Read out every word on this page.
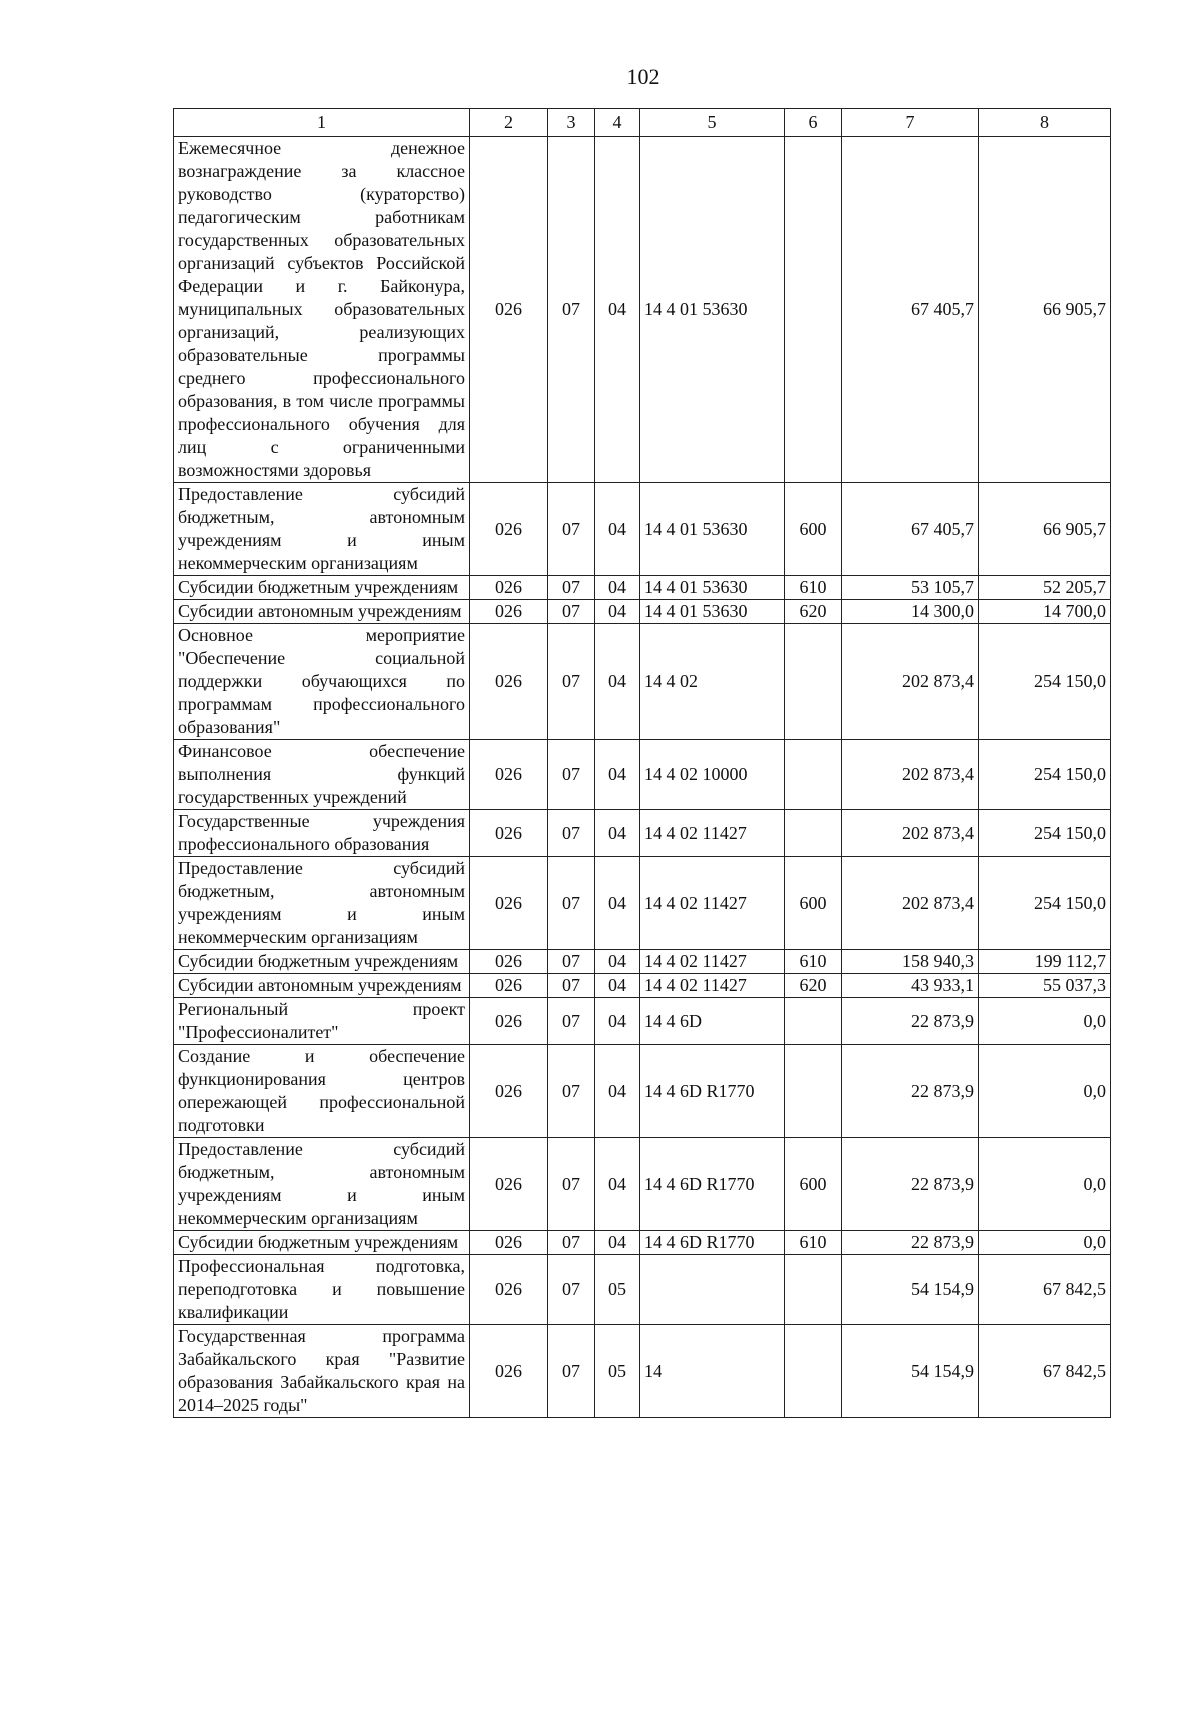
102
1	2	3	4	5	6	7	8
Ежемесячное денежное вознаграждение за классное руководство (кураторство) педагогическим работникам государственных образовательных организаций субъектов Российской Федерации и г. Байконура, муниципальных образовательных организаций, реализующих образовательные программы среднего профессионального образования, в том числе программы профессионального обучения для лиц с ограниченными возможностями здоровья	026	07	04	14 4 01 53630		67 405,7	66 905,7
Предоставление субсидий бюджетным, автономным учреждениям и иным некоммерческим организациям	026	07	04	14 4 01 53630	600	67 405,7	66 905,7
Субсидии бюджетным учреждениям	026	07	04	14 4 01 53630	610	53 105,7	52 205,7
Субсидии автономным учреждениям	026	07	04	14 4 01 53630	620	14 300,0	14 700,0
Основное мероприятие "Обеспечение социальной поддержки обучающихся по программам профессионального образования"	026	07	04	14 4 02		202 873,4	254 150,0
Финансовое обеспечение выполнения функций государственных учреждений	026	07	04	14 4 02 10000		202 873,4	254 150,0
Государственные учреждения профессионального образования	026	07	04	14 4 02 11427		202 873,4	254 150,0
Предоставление субсидий бюджетным, автономным учреждениям и иным некоммерческим организациям	026	07	04	14 4 02 11427	600	202 873,4	254 150,0
Субсидии бюджетным учреждениям	026	07	04	14 4 02 11427	610	158 940,3	199 112,7
Субсидии автономным учреждениям	026	07	04	14 4 02 11427	620	43 933,1	55 037,3
Региональный проект "Профессионалитет"	026	07	04	14 4 6D		22 873,9	0,0
Создание и обеспечение функционирования центров опережающей профессиональной подготовки	026	07	04	14 4 6D R1770		22 873,9	0,0
Предоставление субсидий бюджетным, автономным учреждениям и иным некоммерческим организациям	026	07	04	14 4 6D R1770	600	22 873,9	0,0
Субсидии бюджетным учреждениям	026	07	04	14 4 6D R1770	610	22 873,9	0,0
Профессиональная подготовка, переподготовка и повышение квалификации	026	07	05			54 154,9	67 842,5
Государственная программа Забайкальского края "Развитие образования Забайкальского края на 2014–2025 годы"	026	07	05	14		54 154,9	67 842,5
